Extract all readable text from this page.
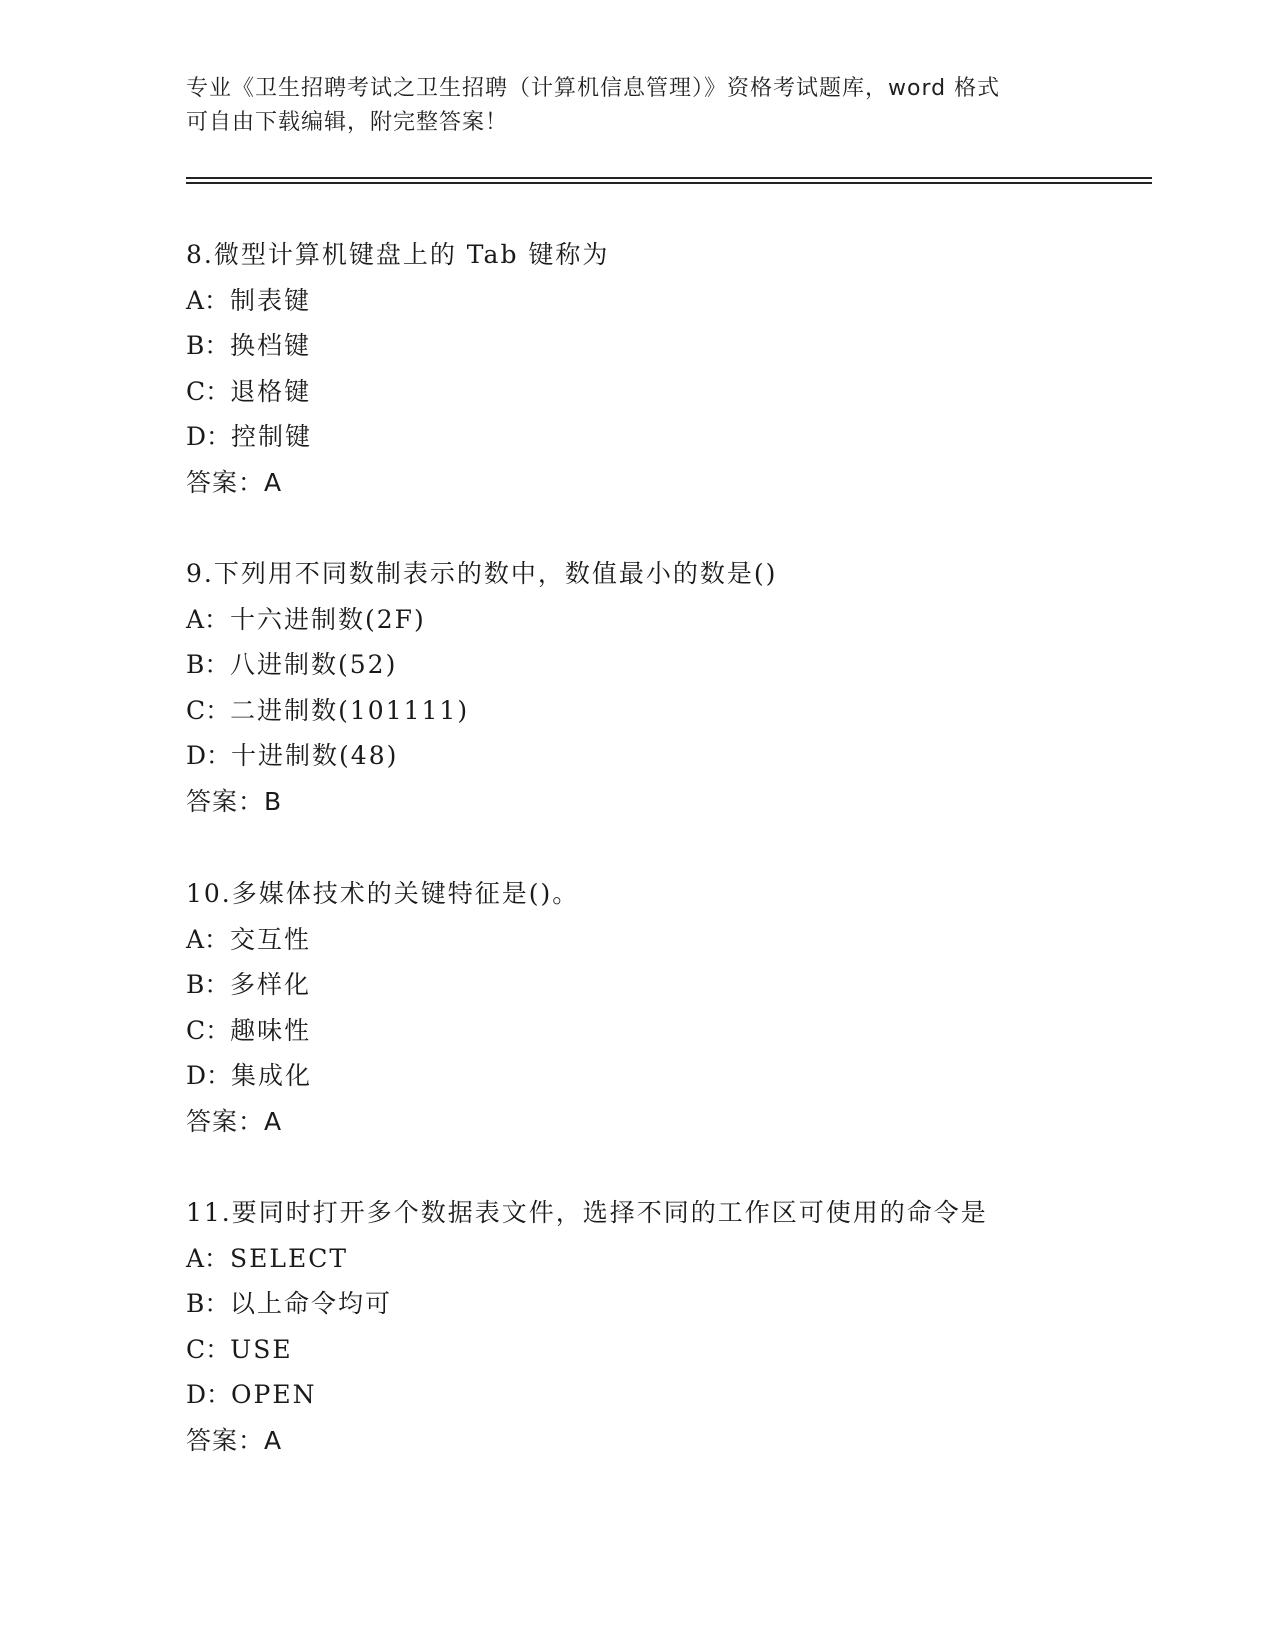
专业《卫生招聘考试之卫生招聘（计算机信息管理）》资格考试题库，word 格式
可自由下载编辑，附完整答案！
8.微型计算机键盘上的 Tab 键称为
A：制表键
B：换档键
C：退格键
D：控制键
答案：A
9.下列用不同数制表示的数中，数值最小的数是()
A：十六进制数(2F)
B：八进制数(52)
C：二进制数(101111)
D：十进制数(48)
答案：B
10.多媒体技术的关键特征是()。
A：交互性
B：多样化
C：趣味性
D：集成化
答案：A
11.要同时打开多个数据表文件，选择不同的工作区可使用的命令是
A：SELECT
B：以上命令均可
C：USE
D：OPEN
答案：A
